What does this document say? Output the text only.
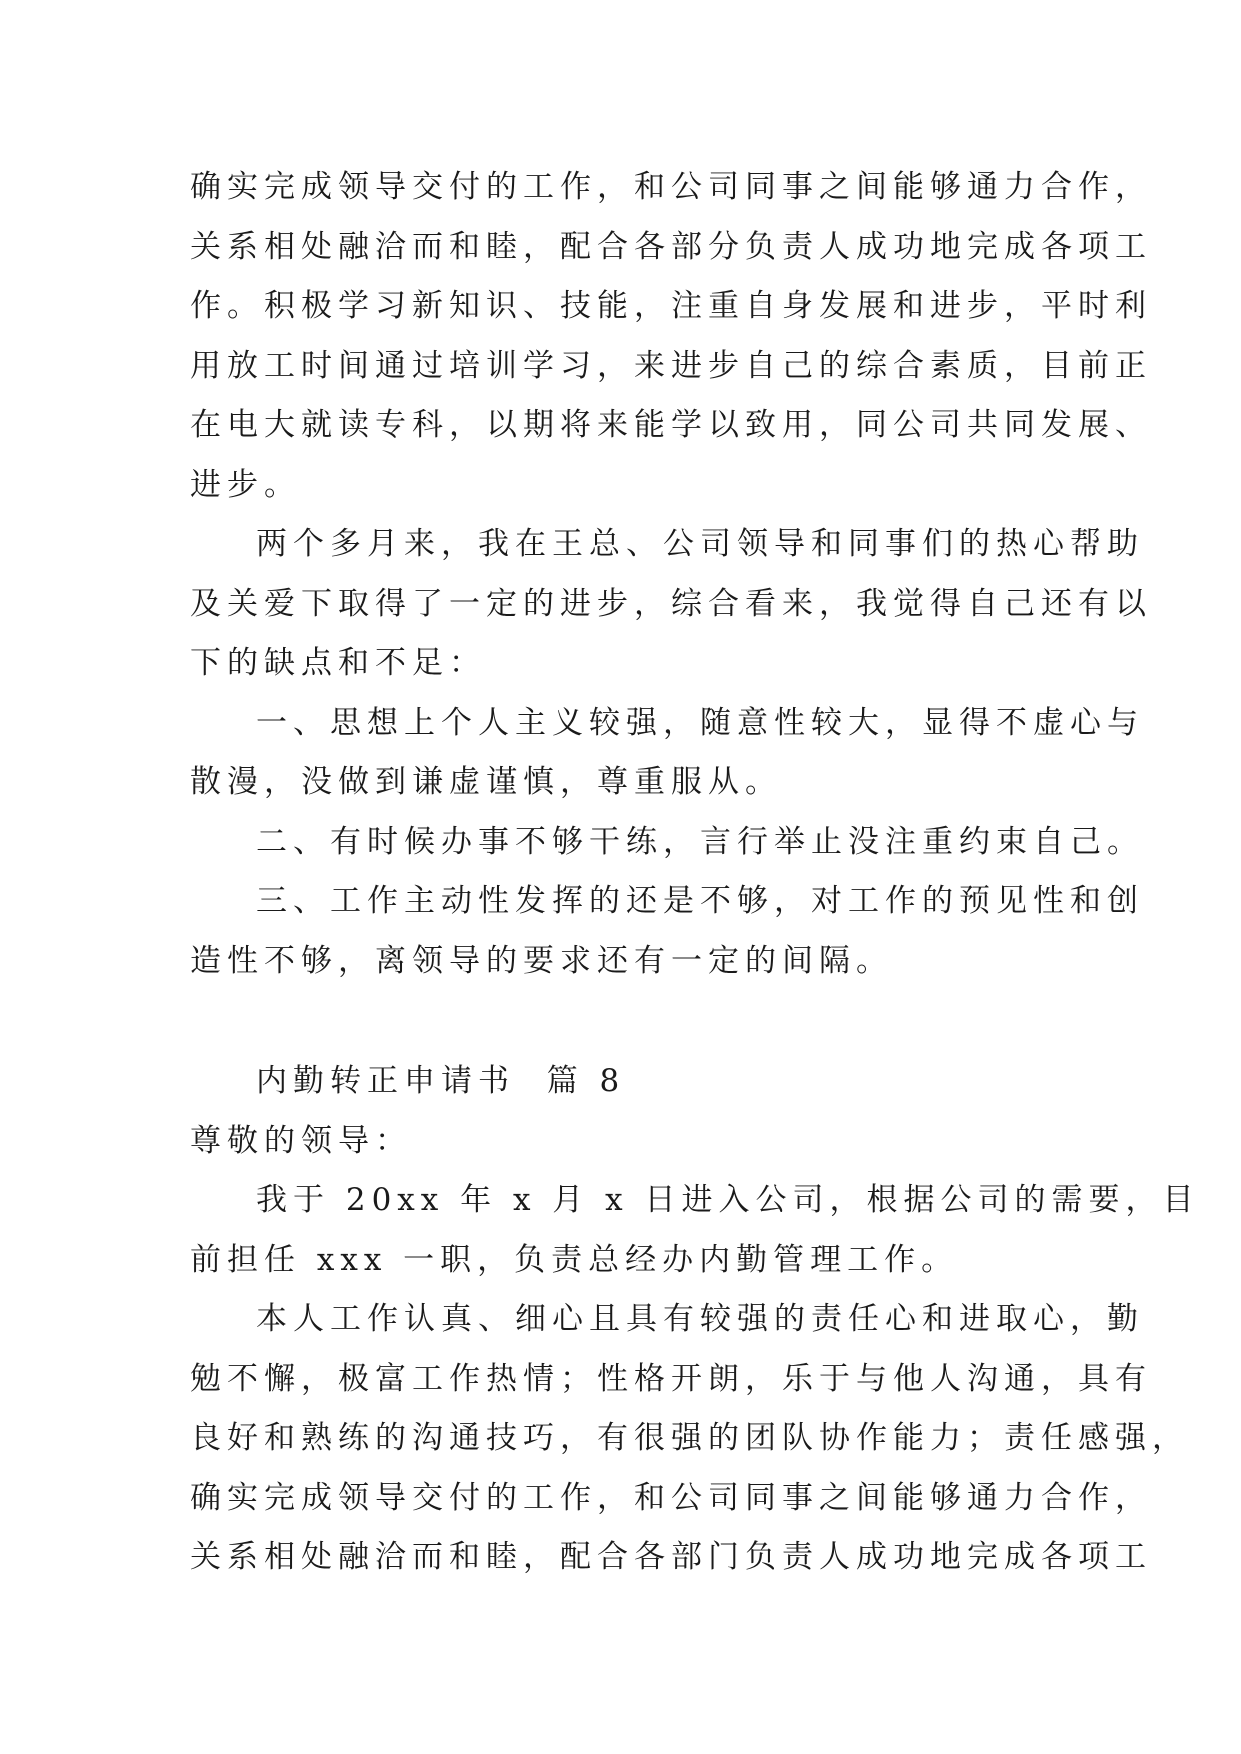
确实完成领导交付的工作，和公司同事之间能够通力合作，
关系相处融洽而和睦，配合各部分负责人成功地完成各项工
作。积极学习新知识、技能，注重自身发展和进步，平时利
用放工时间通过培训学习，来进步自己的综合素质，目前正
在电大就读专科，以期将来能学以致用，同公司共同发展、
进步。
两个多月来，我在王总、公司领导和同事们的热心帮助
及关爱下取得了一定的进步，综合看来，我觉得自己还有以
下的缺点和不足：
一、思想上个人主义较强，随意性较大，显得不虚心与
散漫，没做到谦虚谨慎，尊重服从。
二、有时候办事不够干练，言行举止没注重约束自己。
三、工作主动性发挥的还是不够，对工作的预见性和创
造性不够，离领导的要求还有一定的间隔。
内勤转正申请书  篇 8
尊敬的领导：
我于 20xx 年 x 月 x 日进入公司，根据公司的需要，目
前担任 xxx 一职，负责总经办内勤管理工作。
本人工作认真、细心且具有较强的责任心和进取心，勤
勉不懈，极富工作热情；性格开朗，乐于与他人沟通，具有
良好和熟练的沟通技巧，有很强的团队协作能力；责任感强，
确实完成领导交付的工作，和公司同事之间能够通力合作，
关系相处融洽而和睦，配合各部门负责人成功地完成各项工
